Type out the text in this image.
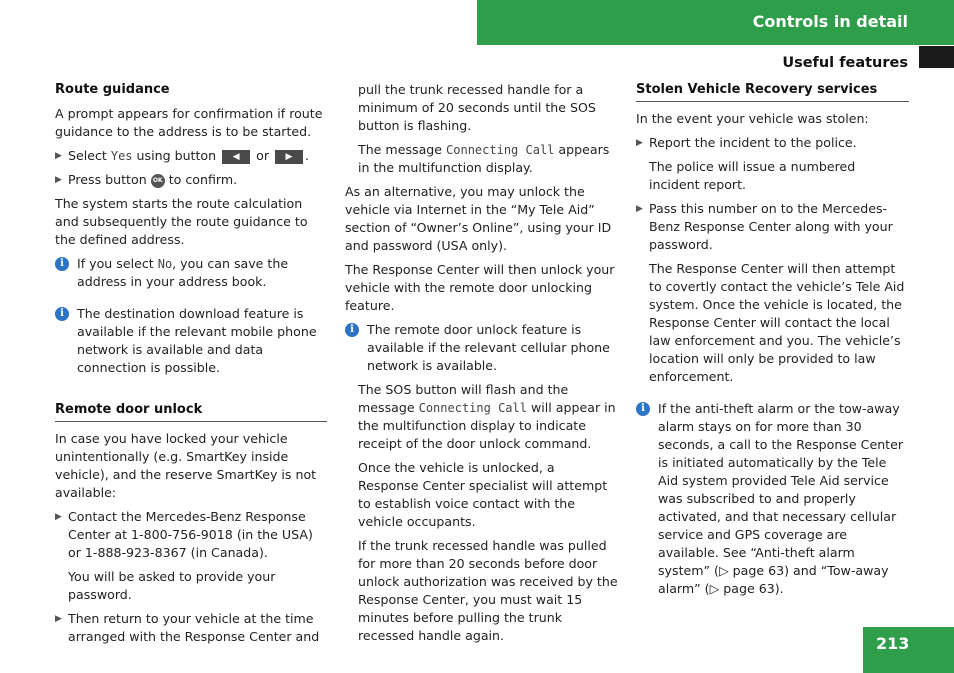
Controls in detail
Useful features
Route guidance

A prompt appears for confirmation if route guidance to the address is to be started.

▶ Select Yes using button ◀ or ▶ .
▶ Press button OK to confirm.

The system starts the route calculation and subsequently the route guidance to the defined address.

i	If you select No, you can save the address in your address book.
i	The destination download feature is available if the relevant mobile phone network is available and data connection is possible.
Remote door unlock

In case you have locked your vehicle unintentionally (e.g. SmartKey inside vehicle), and the reserve SmartKey is not available:

▶ Contact the Mercedes-Benz Response Center at 1-800-756-9018 (in the USA) or 1-888-923-8367 (in Canada).

You will be asked to provide your password.

▶ Then return to your vehicle at the time arranged with the Response Center and

pull the trunk recessed handle for a minimum of 20 seconds until the SOS button is flashing.

The message Connecting Call appears in the multifunction display.

As an alternative, you may unlock the vehicle via Internet in the “My Tele Aid” section of “Owner’s Online”, using your ID and password (USA only).

The Response Center will then unlock your vehicle with the remote door unlocking feature.

i	The remote door unlock feature is available if the relevant cellular phone network is available.

The SOS button will flash and the message Connecting Call will appear in the multifunction display to indicate receipt of the door unlock command.

Once the vehicle is unlocked, a Response Center specialist will attempt to establish voice contact with the vehicle occupants.

If the trunk recessed handle was pulled for more than 20 seconds before door unlock authorization was received by the Response Center, you must wait 15 minutes before pulling the trunk recessed handle again.

Stolen Vehicle Recovery services

In the event your vehicle was stolen:

▶ Report the incident to the police.

The police will issue a numbered incident report.

▶ Pass this number on to the Mercedes-Benz Response Center along with your password.

The Response Center will then attempt to covertly contact the vehicle’s Tele Aid system. Once the vehicle is located, the Response Center will contact the local law enforcement and you. The vehicle’s location will only be provided to law enforcement.

i	If the anti-theft alarm or the tow-away alarm stays on for more than 30 seconds, a call to the Response Center is initiated automatically by the Tele Aid system provided Tele Aid service was subscribed to and properly activated, and that necessary cellular service and GPS coverage are available. See “Anti-theft alarm system” (▷ page 63) and “Tow-away alarm” (▷ page 63).
213
